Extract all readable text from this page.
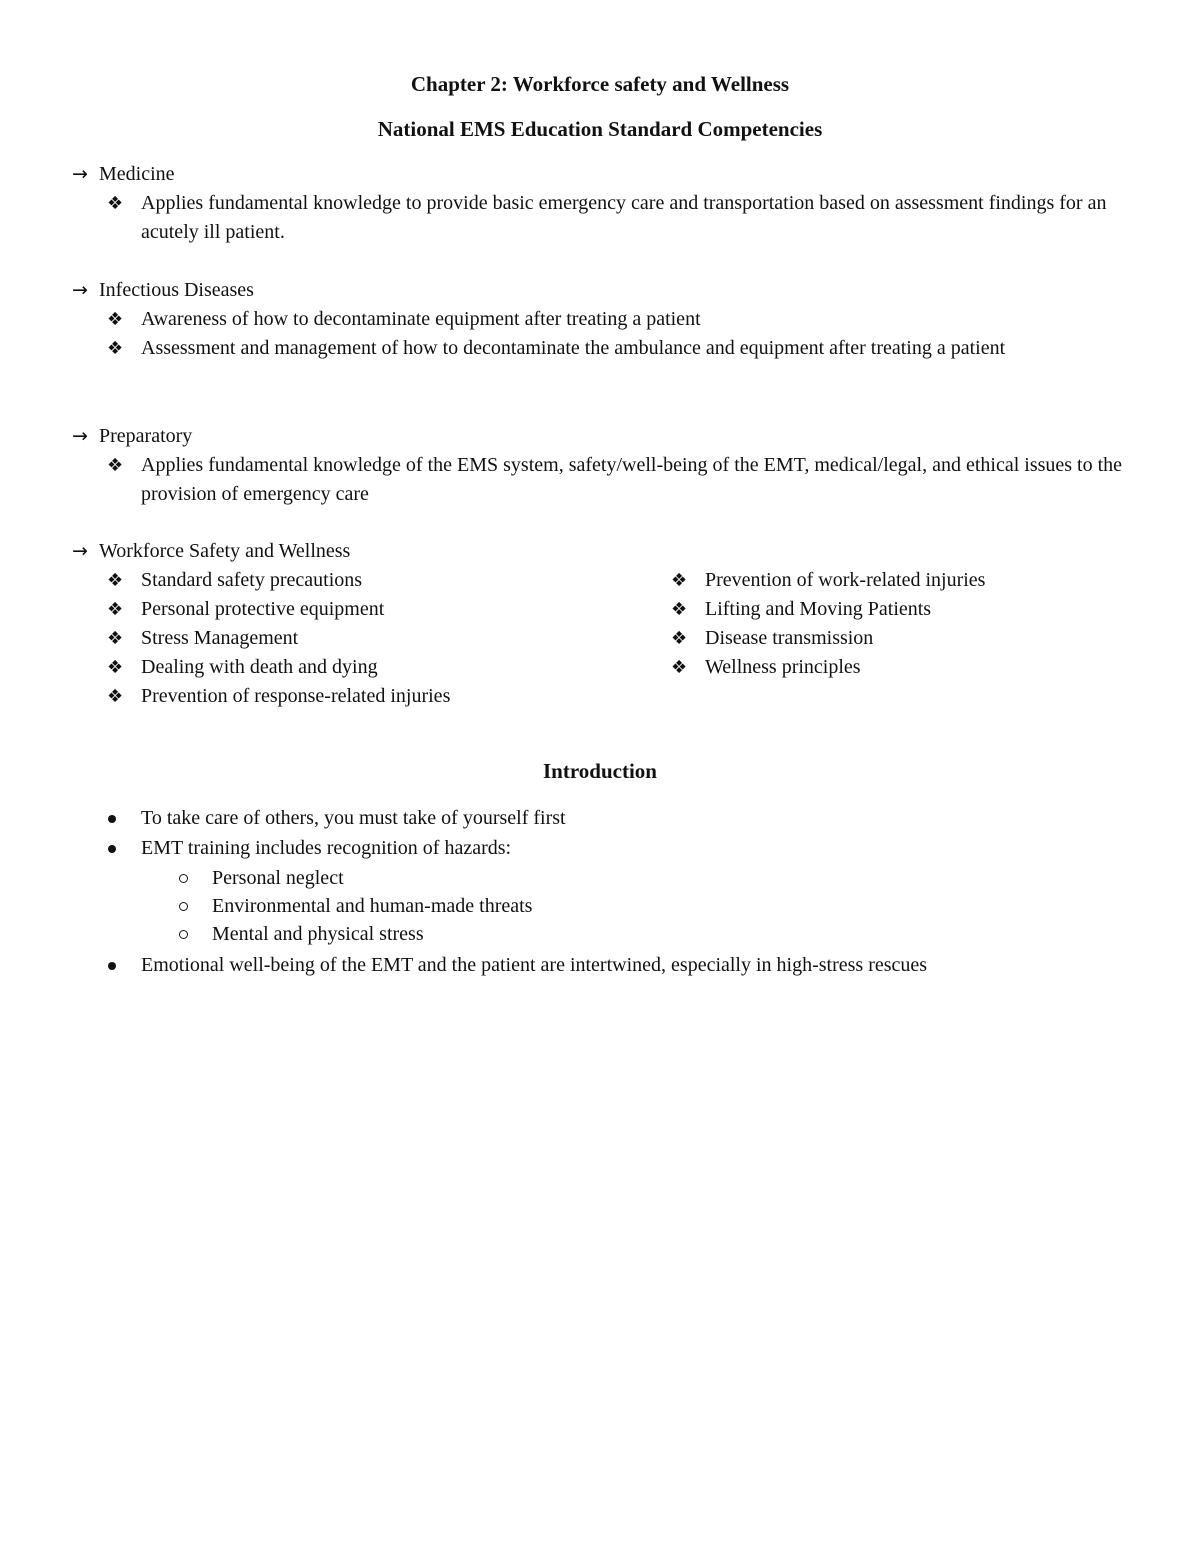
Chapter 2: Workforce safety and Wellness
National EMS Education Standard Competencies
→ Medicine
❖ Applies fundamental knowledge to provide basic emergency care and transportation based on assessment findings for an acutely ill patient.
→ Infectious Diseases
❖ Awareness of how to decontaminate equipment after treating a patient
❖ Assessment and management of how to decontaminate the ambulance and equipment after treating a patient
→ Preparatory
❖ Applies fundamental knowledge of the EMS system, safety/well-being of the EMT, medical/legal, and ethical issues to the provision of emergency care
→ Workforce Safety and Wellness
❖ Standard safety precautions
❖ Personal protective equipment
❖ Stress Management
❖ Dealing with death and dying
❖ Prevention of response-related injuries
❖ Prevention of work-related injuries
❖ Lifting and Moving Patients
❖ Disease transmission
❖ Wellness principles
Introduction
To take care of others, you must take of yourself first
EMT training includes recognition of hazards:
Personal neglect
Environmental and human-made threats
Mental and physical stress
Emotional well-being of the EMT and the patient are intertwined, especially in high-stress rescues
